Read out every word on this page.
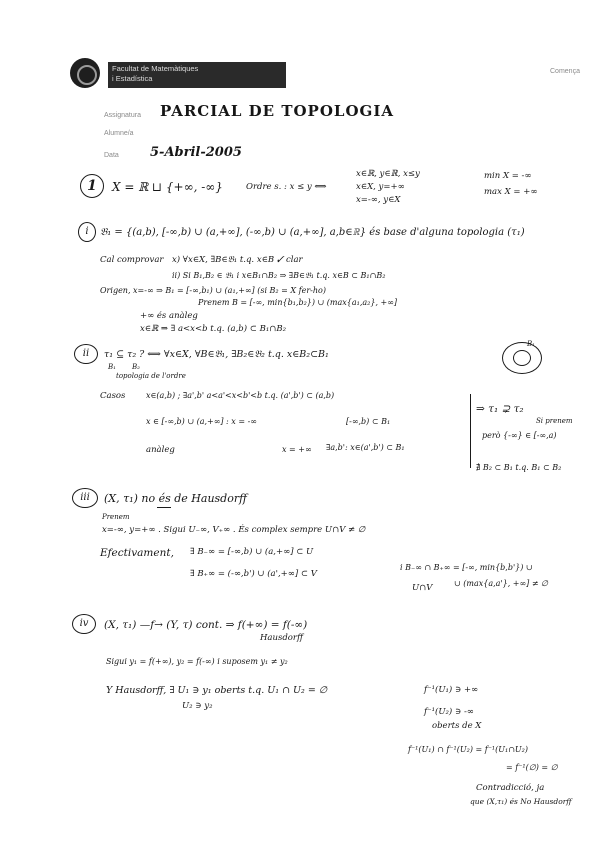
Facultat de Matemàtiques
i Estadística
Comença
Assignatura
Alumne/a
Data
PARCIAL DE TOPOLOGIA
5-Abril-2005
1	X = ℝ ⊔ {+∞, -∞}	Ordre s. : x ≤ y ⟺
x∈ℝ, y∈ℝ, x≤y
x∈X, y=+∞
x=-∞, y∈X
min X = -∞
max X = +∞
i	𝔅₁ = {(a,b), [-∞,b) ∪ (a,+∞], (-∞,b) ∪ (a,+∞], a,b∈ℝ} és base d'alguna topologia (τ₁)
Cal comprovar x) ∀x∈X, ∃B∈𝔅₁ t.q. x∈B ✓ clar
ii) Si B₁,B₂ ∈ 𝔅₁ i x∈B₁∩B₂ ⇒ ∃B∈𝔅₁ t.q. x∈B ⊂ B₁∩B₂
Origen, x=-∞ ⇒ B₁ = [-∞,b₁) ∪ (a₁,+∞] (si B₂ = X fer-ho)
Prenem B = [-∞, min{b₁,b₂}) ∪ (max{a₁,a₂}, +∞]
+∞ és anàleg
x∈ℝ ⇒ ∃ a<x<b t.q. (a,b) ⊂ B₁∩B₂
ii	τ₁ ⊆ τ₂ ? ⟺ ∀x∈X, ∀B∈𝔅₁, ∃B₂∈𝔅₂ t.q. x∈B₂⊂B₁
B₁ B₂
topologia de l'ordre
B₁
Casos	x∈(a,b) ; ∃a',b' a<a'<x<b'<b t.q. (a',b') ⊂ (a,b)
x ∈ [-∞,b) ∪ (a,+∞] : x = -∞	[-∞,b) ⊂ B₁
anàleg	x = +∞ ∃a,b': x∈(a',b') ⊂ B₁
⇒ τ₁ ⊋ τ₂
Si prenem
però {-∞} ∈ [-∞,a)
∄ B₂ ⊂ B₁ t.q. B₁ ⊂ B₂
iii	(X, τ₁) no és de Hausdorff
Prenem
x=-∞, y=+∞ . Sigui U₋∞, V₊∞ . És complex sempre U∩V ≠ ∅
Efectivament, ∃ B₋∞ = [-∞,b) ∪ (a,+∞] ⊂ U
∃ B₊∞ = (-∞,b') ∪ (a',+∞] ⊂ V
i B₋∞ ∩ B₊∞ = [-∞, min{b,b'}) ∪
∪ (max{a,a'}, +∞] ≠ ∅
U∩V
iv	(X, τ₁) —f→ (Y, τ) cont. ⇒ f(+∞) = f(-∞)
Hausdorff
Sigui y₁ = f(+∞), y₂ = f(-∞) i suposem y₁ ≠ y₂
Y Hausdorff, ∃ U₁ ∋ y₁ oberts t.q. U₁ ∩ U₂ = ∅
U₂ ∋ y₂
f⁻¹(U₁) ∋ +∞
f⁻¹(U₂) ∋ -∞
oberts de X
f⁻¹(U₁) ∩ f⁻¹(U₂) = f⁻¹(U₁∩U₂)
= f⁻¹(∅) = ∅
Contradicció, ja
que (X,τ₁) és No Hausdorff
